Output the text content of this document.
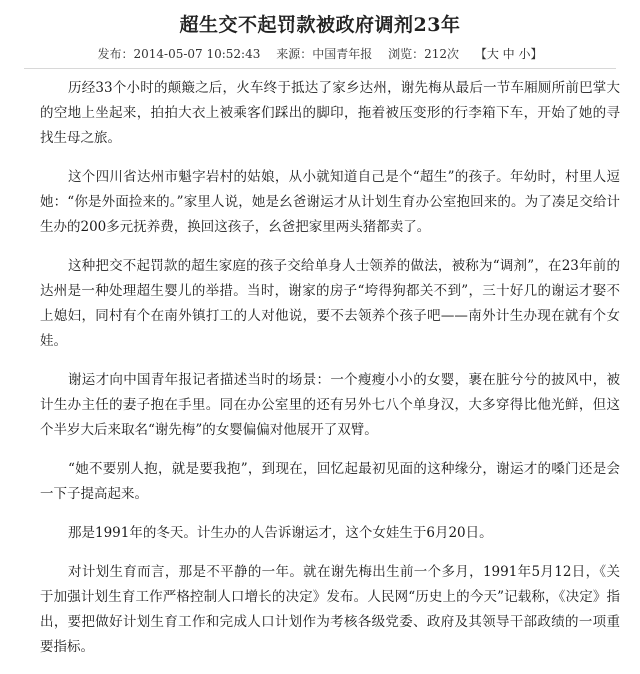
超生交不起罚款被政府调剂23年
发布：2014-05-07 10:52:43 来源：中国青年报 浏览：212次 【大 中 小】

历经33个小时的颠簸之后，火车终于抵达了家乡达州，谢先梅从最后一节车厢厕所前巴掌大的空地上坐起来，拍拍大衣上被乘客们踩出的脚印，拖着被压变形的行李箱下车，开始了她的寻找生母之旅。

这个四川省达州市魁字岩村的姑娘，从小就知道自己是个“超生”的孩子。年幼时，村里人逗她：“你是外面捡来的。”家里人说，她是幺爸谢运才从计划生育办公室抱回来的。为了凑足交给计生办的200多元抚养费，换回这孩子，幺爸把家里两头猪都卖了。

这种把交不起罚款的超生家庭的孩子交给单身人士领养的做法，被称为“调剂”，在23年前的达州是一种处理超生婴儿的举措。当时，谢家的房子“垮得狗都关不到”，三十好几的谢运才娶不上媳妇，同村有个在南外镇打工的人对他说，要不去领养个孩子吧——南外计生办现在就有个女娃。

谢运才向中国青年报记者描述当时的场景：一个瘦瘦小小的女婴，裹在脏兮兮的披风中，被计生办主任的妻子抱在手里。同在办公室里的还有另外七八个单身汉，大多穿得比他光鲜，但这个半岁大后来取名“谢先梅”的女婴偏偏对他展开了双臂。

“她不要别人抱，就是要我抱”，到现在，回忆起最初见面的这种缘分，谢运才的嗓门还是会一下子提高起来。

那是1991年的冬天。计生办的人告诉谢运才，这个女娃生于6月20日。

对计划生育而言，那是不平静的一年。就在谢先梅出生前一个多月，1991年5月12日，《关于加强计划生育工作严格控制人口增长的决定》发布。人民网“历史上的今天”记载称，《决定》指出，要把做好计划生育工作和完成人口计划作为考核各级党委、政府及其领导干部政绩的一项重要指标。
